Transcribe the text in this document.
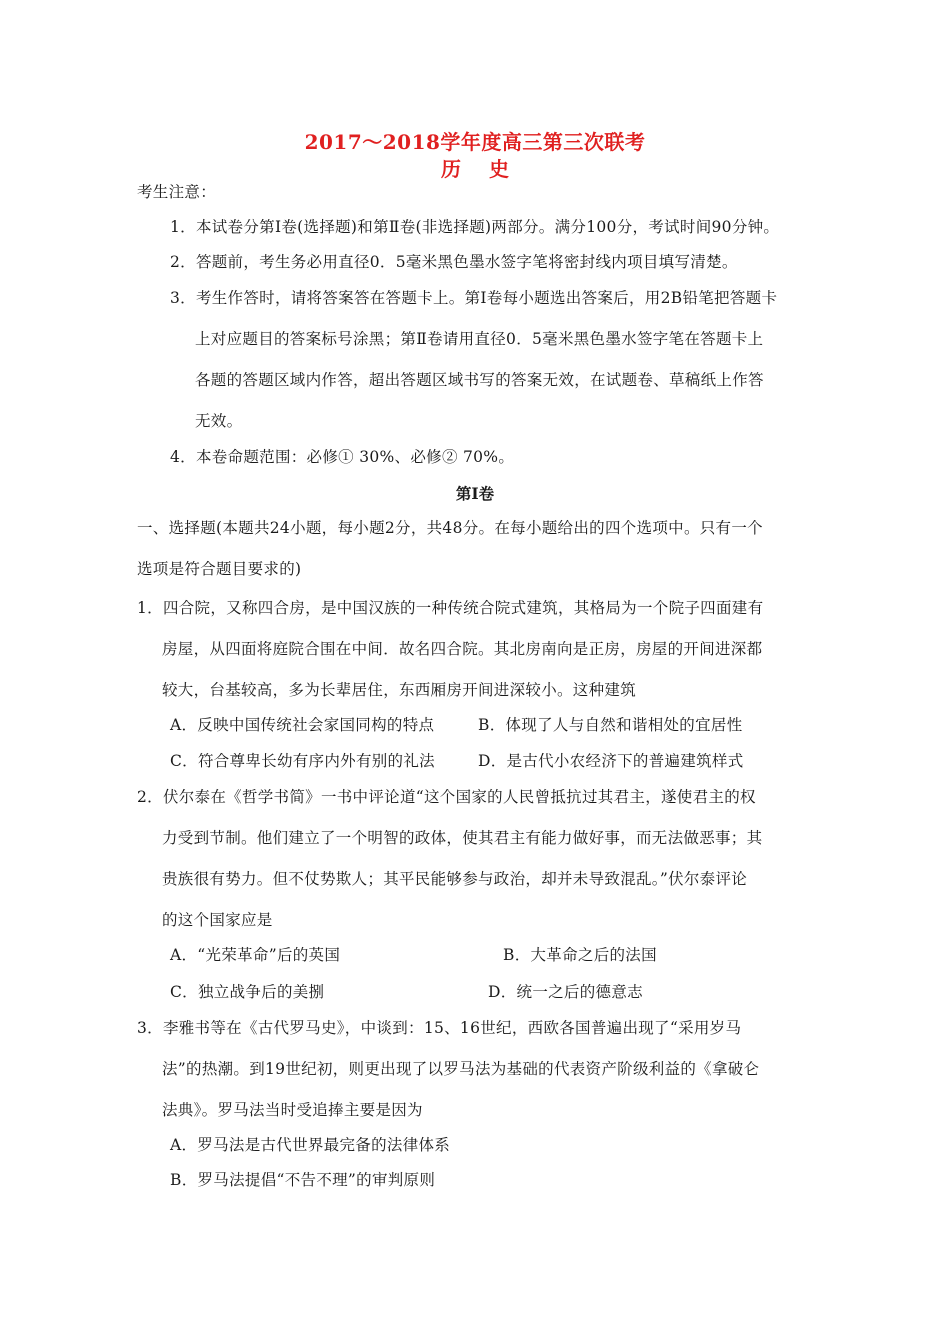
2017～2018学年度高三第三次联考
历史
考生注意：
1．本试卷分第Ⅰ卷(选择题)和第Ⅱ卷(非选择题)两部分。满分100分，考试时间90分钟。
2．答题前，考生务必用直径0．5毫米黑色墨水签字笔将密封线内项目填写清楚。
3．考生作答时，请将答案答在答题卡上。第Ⅰ卷每小题选出答案后，用2B铅笔把答题卡
上对应题目的答案标号涂黑；第Ⅱ卷请用直径0．5毫米黑色墨水签字笔在答题卡上
各题的答题区域内作答，超出答题区域书写的答案无效，在试题卷、草稿纸上作答
无效。
4．本卷命题范围：必修① 30%、必修② 70%。
第Ⅰ卷
一、选择题(本题共24小题，每小题2分，共48分。在每小题给出的四个选项中。只有一个
选项是符合题目要求的)
1．四合院，又称四合房，是中国汉族的一种传统合院式建筑，其格局为一个院子四面建有
房屋，从四面将庭院合围在中间．故名四合院。其北房南向是正房，房屋的开间进深都
较大，台基较高，多为长辈居住，东西厢房开间进深较小。这种建筑
A．反映中国传统社会家国同构的特点	B．体现了人与自然和谐相处的宜居性
C．符合尊卑长幼有序内外有别的礼法	D．是古代小农经济下的普遍建筑样式
2．伏尔泰在《哲学书简》一书中评论道“这个国家的人民曾抵抗过其君主，遂使君主的权
力受到节制。他们建立了一个明智的政体，使其君主有能力做好事，而无法做恶事；其
贵族很有势力。但不仗势欺人；其平民能够参与政治，却并未导致混乱。”伏尔泰评论
的这个国家应是
A．“光荣革命”后的英国	B．大革命之后的法国
C．独立战争后的美捌	D．统一之后的德意志
3．李雅书等在《古代罗马史》，中谈到：15、16世纪，西欧各国普遍出现了“采用岁马
法”的热潮。到19世纪初，则更出现了以罗马法为基础的代表资产阶级利益的《拿破仑
法典》。罗马法当时受追捧主要是因为
A．罗马法是古代世界最完备的法律体系
B．罗马法提倡“不告不理”的审判原则
